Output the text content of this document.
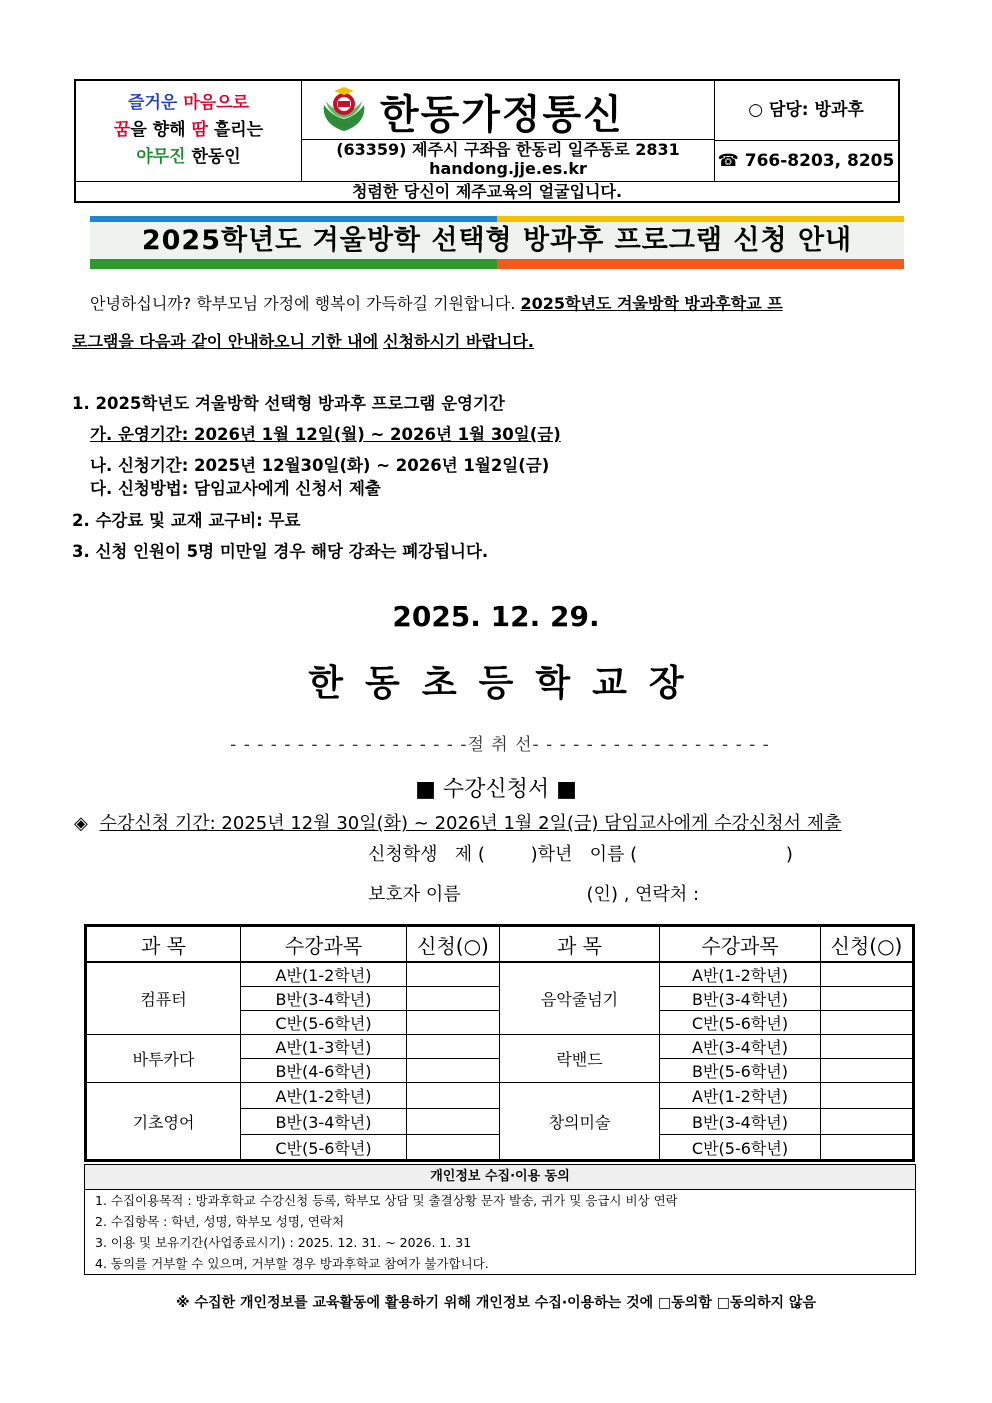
즐거운 마음으로
꿈을 향해 땀 흘리는
야무진 한동인
한동가정통신
(63359) 제주시 구좌읍 한동리 일주동로 2831
handong.jje.es.kr
○ 담당: 방과후
☎ 766-8203, 8205
청렴한 당신이 제주교육의 얼굴입니다.
2025학년도 겨울방학 선택형 방과후 프로그램 신청 안내
안녕하십니까? 학부모님 가정에 행복이 가득하길 기원합니다. 2025학년도 겨울방학 방과후학교 프
로그램을 다음과 같이 안내하오니 기한 내에 신청하시기 바랍니다.
1. 2025학년도 겨울방학 선택형 방과후 프로그램 운영기간
가. 운영기간: 2026년 1월 12일(월) ~ 2026년 1월 30일(금)
나. 신청기간: 2025년 12월30일(화) ~ 2026년 1월2일(금)
다. 신청방법: 담임교사에게 신청서 제출
2. 수강료 및 교재 교구비: 무료
3. 신청 인원이 5명 미만일 경우 해당 강좌는 폐강됩니다.
2025. 12. 29.
한동초등학교장
- - - - - - - - - - - - - - - - - -절 취 선- - - - - - - - - - - - - - - - - -
■ 수강신청서 ■
◈ 수강신청 기간: 2025년 12월 30일(화) ~ 2026년 1월 2일(금) 담임교사에게 수강신청서 제출
신청학생   제 (        )학년   이름 (                          )
보호자 이름                      (인) , 연락처 :
과 목	수강과목	신청(○)	과 목	수강과목	신청(○)
컴퓨터	A반(1-2학년)		음악줄넘기	A반(1-2학년)	
	B반(3-4학년)			B반(3-4학년)	
	C반(5-6학년)			C반(5-6학년)	
바투카다	A반(1-3학년)		락밴드	A반(3-4학년)	
	B반(4-6학년)			B반(5-6학년)	
기초영어	A반(1-2학년)		창의미술	A반(1-2학년)	
	B반(3-4학년)			B반(3-4학년)	
	C반(5-6학년)			C반(5-6학년)	
개인정보 수집·이용 동의
1. 수집이용목적 : 방과후학교 수강신청 등록, 학부모 상담 및 출결상황 문자 발송, 귀가 및 응급시 비상 연락
2. 수집항목 : 학년, 성명, 학부모 성명, 연락처
3. 이용 및 보유기간(사업종료시기) : 2025. 12. 31. ~ 2026. 1. 31
4. 동의를 거부할 수 있으며, 거부할 경우 방과후학교 참여가 불가합니다.
※ 수집한 개인정보를 교육활동에 활용하기 위해 개인정보 수집·이용하는 것에 □동의함 □동의하지 않음
